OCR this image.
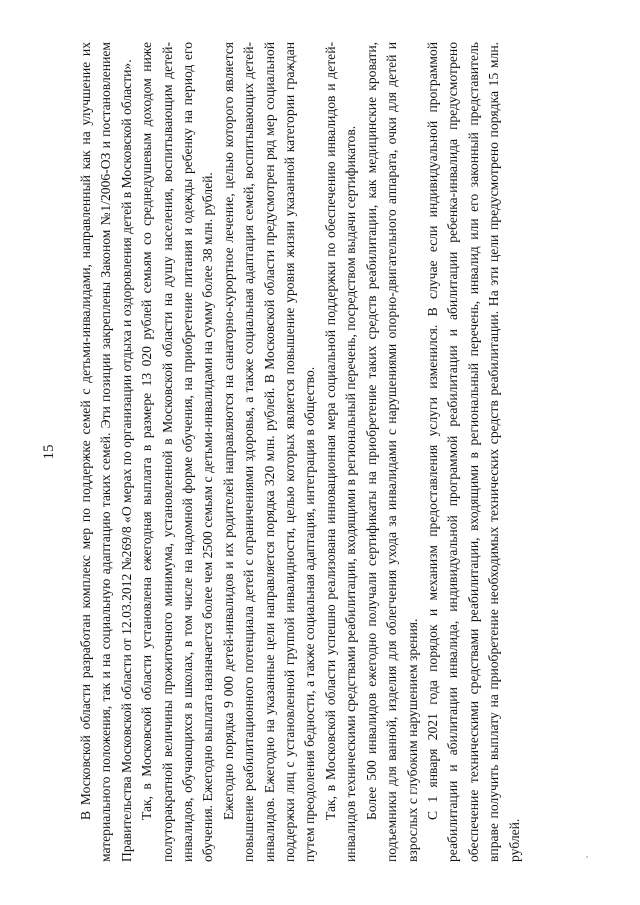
15 В Московской области разработан комплекс мер по поддержке семей с детьми-инвалидами, направленный как на улучшение их материального положения, так и на социальную адаптацию таких семей. Эти позиции закреплены Законом №1/2006-ОЗ и постановлением Правительства Московской области от 12.03.2012 №269/8 «О мерах по организации отдыха и оздоровления детей в Московской области». Так, в Московской области установлена ежегодная выплата в размере 13 020 рублей семьям со среднедушевым доходом ниже полуторакратной величины прожиточного минимума, установленной в Московской области на душу населения, воспитывающим детей-инвалидов, обучающихся в школах, в том числе на надомной форме обучения, на приобретение питания и одежды ребенку на период его обучения. Ежегодно выплата назначается более чем 2500 семьям с детьми-инвалидами на сумму более 38 млн. рублей. Ежегодно порядка 9 000 детей-инвалидов и их родителей направляются на санаторно-курортное лечение, целью которого является повышение реабилитационного потенциала детей с ограничениями здоровья, а также социальная адаптация семей, воспитывающих детей-инвалидов. Ежегодно на указанные цели направляется порядка 320 млн. рублей. В Московской области предусмотрен ряд мер социальной поддержки лиц с установленной группой инвалидности, целью которых является повышение уровня жизни указанной категории граждан путем преодоления бедности, а также социальная адаптация, интеграция в общество. Так, в Московской области успешно реализована инновационная мера социальной поддержки по обеспечению инвалидов и детей-инвалидов техническими средствами реабилитации, входящими в региональный перечень, посредством выдачи сертификатов. Более 500 инвалидов ежегодно получали сертификаты на приобретение таких средств реабилитации, как медицинские кровати, подъемники для ванной, изделия для облегчения ухода за инвалидами с нарушениями опорно-двигательного аппарата, очки для детей и взрослых с глубоким нарушением зрения. С 1 января 2021 года порядок и механизм предоставления услуги изменился. В случае если индивидуальной программой реабилитации и абилитации инвалида, индивидуальной программой реабилитации и абилитации ребенка-инвалида предусмотрено обеспечение техническими средствами реабилитации, входящими в региональный перечень, инвалид или его законный представитель вправе получить выплату на приобретение необходимых технических средств реабилитации. На эти цели предусмотрено порядка 15 млн. рублей.
